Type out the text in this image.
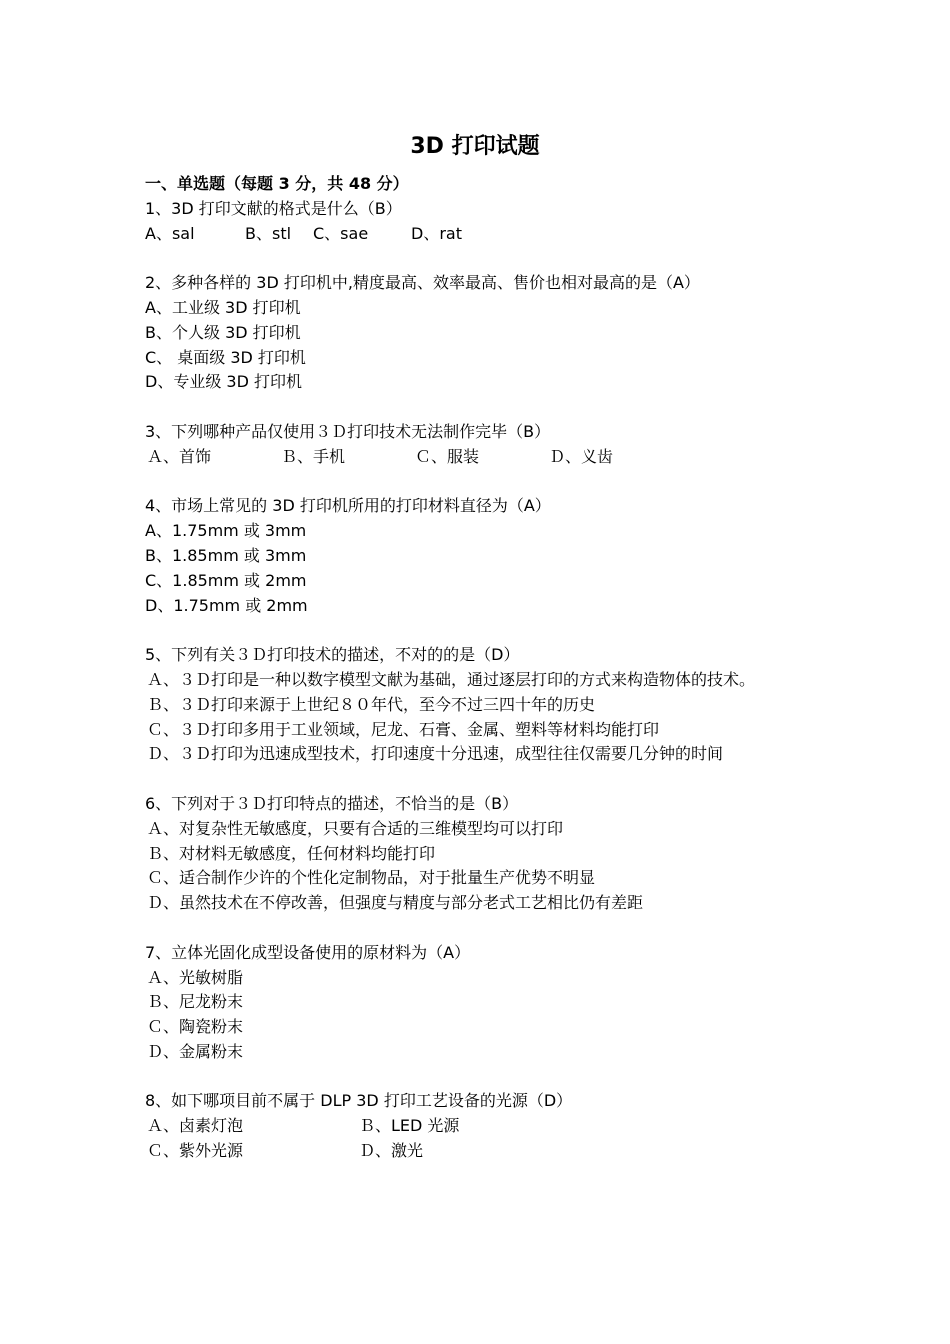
3D 打印试题
一、单选题（每题 3 分，共 48 分）
1、3D 打印文献的格式是什么（B）
A、sal	B、stl	C、sae	D、rat
2、多种各样的 3D 打印机中,精度最高、效率最高、售价也相对最高的是（A）
A、工业级 3D 打印机
B、个人级 3D 打印机
C、 桌面级 3D 打印机
D、专业级 3D 打印机
3、下列哪种产品仅使用３Ｄ打印技术无法制作完毕（B）
Ａ、首饰	Ｂ、手机	Ｃ、服装	Ｄ、义齿
4、市场上常见的 3D 打印机所用的打印材料直径为（A）
A、1.75mm 或 3mm
B、1.85mm 或 3mm
C、1.85mm 或 2mm
D、1.75mm 或 2mm
5、下列有关３Ｄ打印技术的描述，不对的的是（D）
Ａ、３Ｄ打印是一种以数字模型文献为基础，通过逐层打印的方式来构造物体的技术。
Ｂ、３Ｄ打印来源于上世纪８０年代，至今不过三四十年的历史
Ｃ、３Ｄ打印多用于工业领域，尼龙、石膏、金属、塑料等材料均能打印
Ｄ、３Ｄ打印为迅速成型技术，打印速度十分迅速，成型往往仅需要几分钟的时间
6、下列对于３Ｄ打印特点的描述，不恰当的是（B）
Ａ、对复杂性无敏感度，只要有合适的三维模型均可以打印
Ｂ、对材料无敏感度，任何材料均能打印
Ｃ、适合制作少许的个性化定制物品，对于批量生产优势不明显
Ｄ、虽然技术在不停改善，但强度与精度与部分老式工艺相比仍有差距
7、立体光固化成型设备使用的原材料为（A）
Ａ、光敏树脂
Ｂ、尼龙粉末
Ｃ、陶瓷粉末
Ｄ、金属粉末
8、如下哪项目前不属于 DLP 3D 打印工艺设备的光源（D）
Ａ、卤素灯泡	Ｂ、LED 光源
Ｃ、紫外光源	Ｄ、激光
